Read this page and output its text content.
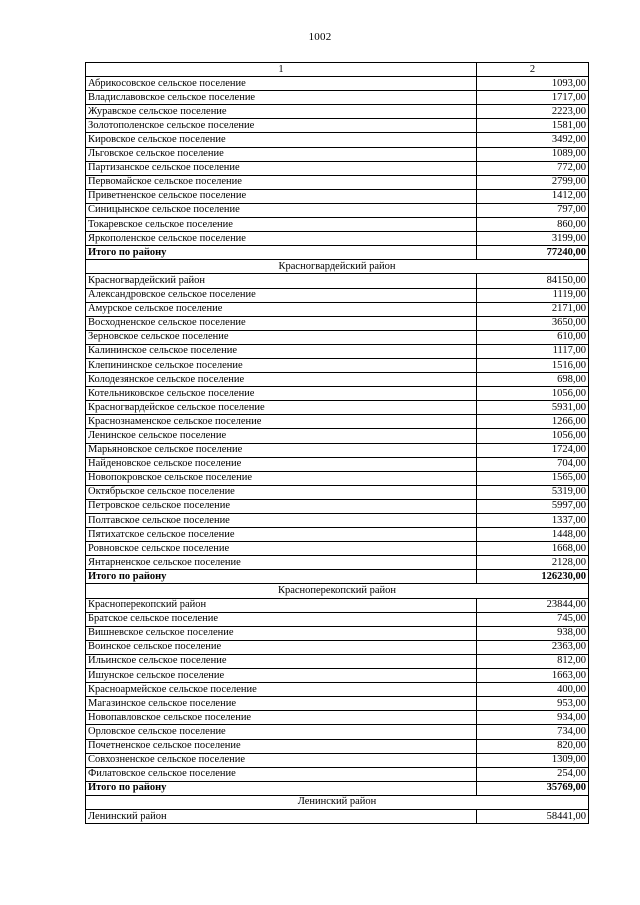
1002
1	2
Абрикосовское сельское поселение	1093,00
Владиславовское сельское поселение	1717,00
Журавское сельское поселение	2223,00
Золотополенское сельское поселение	1581,00
Кировское сельское поселение	3492,00
Льговское сельское поселение	1089,00
Партизанское сельское поселение	772,00
Первомайское сельское поселение	2799,00
Приветненское сельское поселение	1412,00
Синицынское сельское поселение	797,00
Токаревское сельское поселение	860,00
Яркополенское сельское поселение	3199,00
Итого по району	77240,00
Красногвардейский район	
Красногвардейский район	84150,00
Александровское сельское поселение	1119,00
Амурское сельское поселение	2171,00
Восходненское сельское поселение	3650,00
Зерновское сельское поселение	610,00
Калининское сельское поселение	1117,00
Клепининское сельское поселение	1516,00
Колодезянское сельское поселение	698,00
Котельниковское сельское поселение	1056,00
Красногвардейское сельское поселение	5931,00
Краснознаменское сельское поселение	1266,00
Ленинское сельское поселение	1056,00
Марьяновское сельское поселение	1724,00
Найденовское сельское поселение	704,00
Новопокровское сельское поселение	1565,00
Октябрьское сельское поселение	5319,00
Петровское сельское поселение	5997,00
Полтавское сельское поселение	1337,00
Пятихатское сельское поселение	1448,00
Ровновское сельское поселение	1668,00
Янтарненское сельское поселение	2128,00
Итого по району	126230,00
Красноперекопский район	
Красноперекопский район	23844,00
Братское сельское поселение	745,00
Вишневское сельское поселение	938,00
Воинское сельское поселение	2363,00
Ильинское сельское поселение	812,00
Ишунское сельское поселение	1663,00
Красноармейское сельское поселение	400,00
Магазинское сельское поселение	953,00
Новопавловское сельское поселение	934,00
Орловское сельское поселение	734,00
Почетненское сельское поселение	820,00
Совхозненское сельское поселение	1309,00
Филатовское сельское поселение	254,00
Итого по району	35769,00
Ленинский район	
Ленинский район	58441,00
